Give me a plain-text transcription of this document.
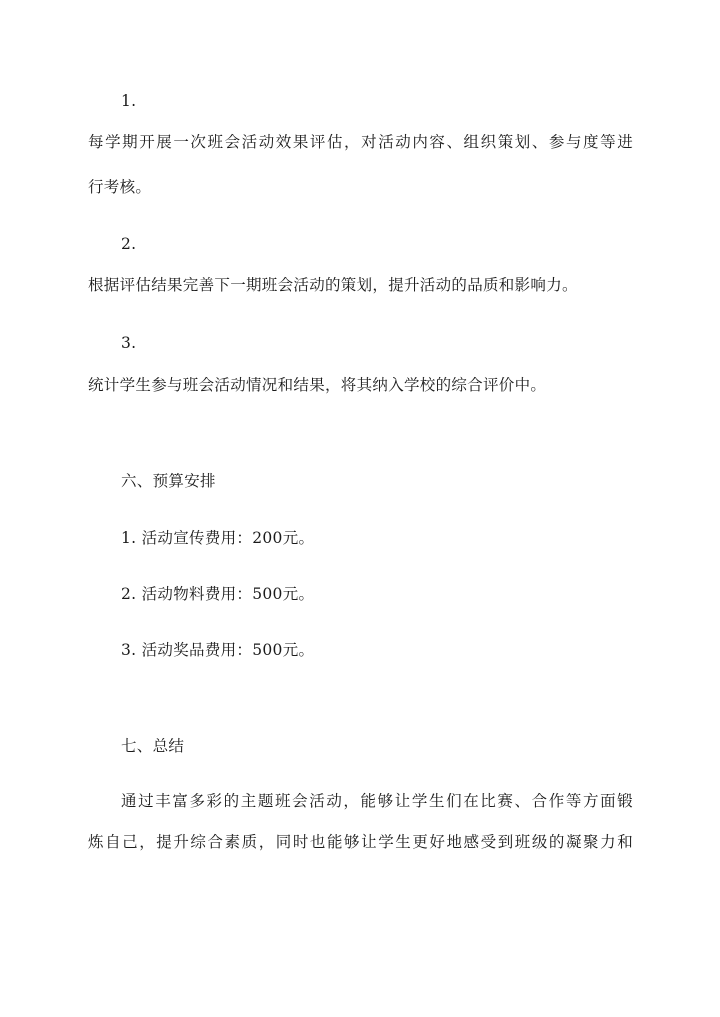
1.
每学期开展一次班会活动效果评估，对活动内容、组织策划、参与度等进
行考核。
2.
根据评估结果完善下一期班会活动的策划，提升活动的品质和影响力。
3.
统计学生参与班会活动情况和结果，将其纳入学校的综合评价中。
六、预算安排
1. 活动宣传费用：200元。
2. 活动物料费用：500元。
3. 活动奖品费用：500元。
七、总结
通过丰富多彩的主题班会活动，能够让学生们在比赛、合作等方面锻
炼自己，提升综合素质，同时也能够让学生更好地感受到班级的凝聚力和
